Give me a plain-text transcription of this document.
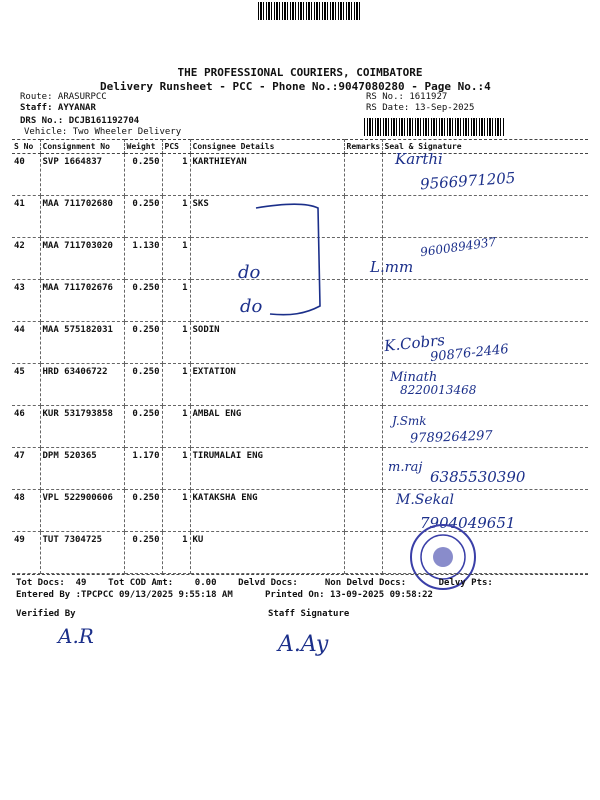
THE PROFESSIONAL COURIERS, COIMBATORE
Delivery Runsheet - PCC - Phone No.:9047080280 - Page No.:4
Route: ARASURPCC
Staff: AYYANAR
DRS No.: DCJB161192704
Vehicle: Two Wheeler Delivery
RS No.: 1611927
RS Date: 13-Sep-2025
S No	Consignment No	Weight	PCS	Consignee Details	Remarks	Seal & Signature
40	SVP 1664837	0.250	1	KARTHIEYAN		
41	MAA 711702680	0.250	1	SKS		
42	MAA 711703020	1.130	1			
43	MAA 711702676	0.250	1			
44	MAA 575182031	0.250	1	SODIN		
45	HRD 63406722	0.250	1	EXTATION		
46	KUR 531793858	0.250	1	AMBAL ENG		
47	DPM 520365	1.170	1	TIRUMALAI ENG		
48	VPL 522900606	0.250	1	KATAKSHA ENG		
49	TUT 7304725	0.250	1	KU		
Karthi
9566971205
9600894937
L.mm
do
do
K.Cobrs
90876-2446
Minath
8220013468
J.Smk
9789264297
m.raj
6385530390
M.Sekal
7904049651
Tot Docs:  49    Tot COD Amt:    0.00    Delvd Docs:     Non Delvd Docs:      Delvy Pts:
Entered By :TPCPCC 09/13/2025 9:55:18 AM	Printed On: 13-09-2025 09:58:22
Verified By	Staff Signature
A.R	A.Ay
